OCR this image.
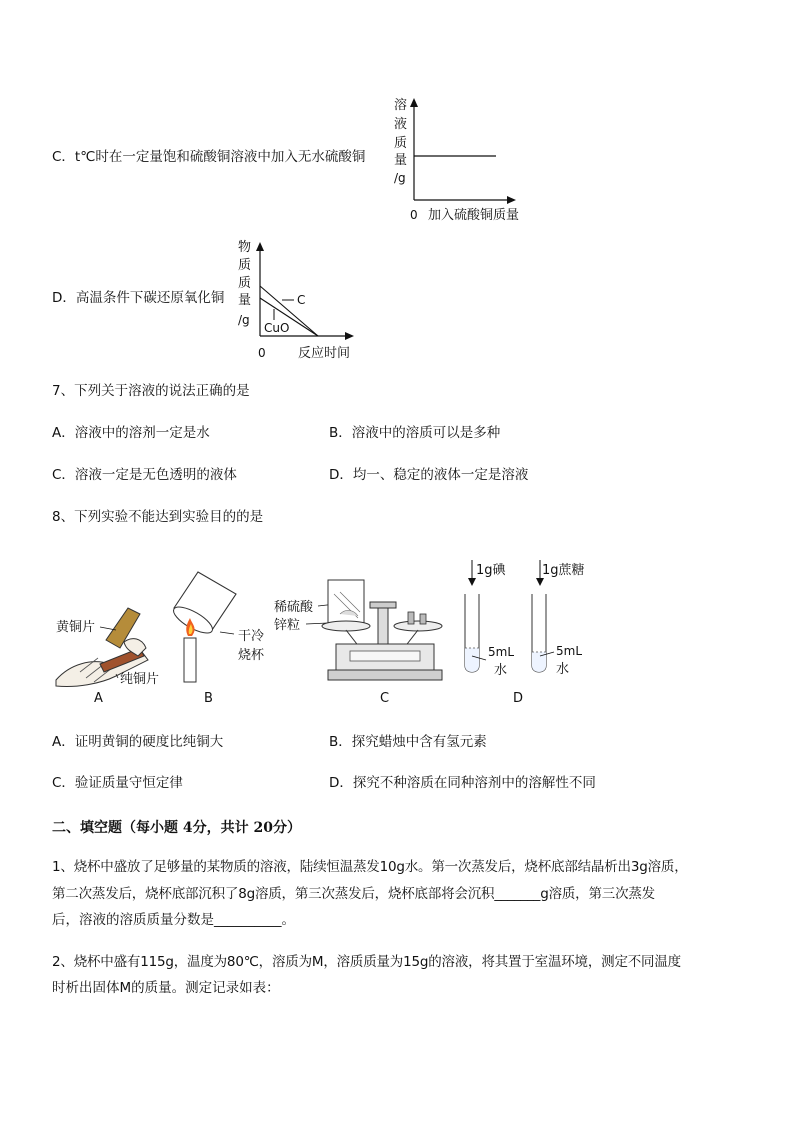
C．t℃时在一定量饱和硫酸铜溶液中加入无水硫酸铜
溶
液
质
量
/g
0 加入硫酸铜质量
D．高温条件下碳还原氧化铜
物
质
质
量
/g
C
CuO
0 反应时间
7、下列关于溶液的说法正确的是
A．溶液中的溶剂一定是水	B．溶液中的溶质可以是多种
C．溶液一定是无色透明的液体	D．均一、稳定的液体一定是溶液
8、下列实验不能达到实验目的的是
黄铜片
纯铜片
A
干冷
烧杯
B
稀硫酸
锌粒
C
1g碘	1g蔗糖
5mL
水
5mL
水
D
A．证明黄铜的硬度比纯铜大	B．探究蜡烛中含有氢元素
C．验证质量守恒定律	D．探究不种溶质在同种溶剂中的溶解性不同
二、填空题（每小题 4分，共计 20分）
1、烧杯中盛放了足够量的某物质的溶液，陆续恒温蒸发10g水。第一次蒸发后，烧杯底部结晶析出3g溶质，
第二次蒸发后，烧杯底部沉积了8g溶质，第三次蒸发后，烧杯底部将会沉积_______g溶质，第三次蒸发
后，溶液的溶质质量分数是__________。
2、烧杯中盛有115g，温度为80℃，溶质为M，溶质质量为15g的溶液，将其置于室温环境，测定不同温度
时析出固体M的质量。测定记录如表：
